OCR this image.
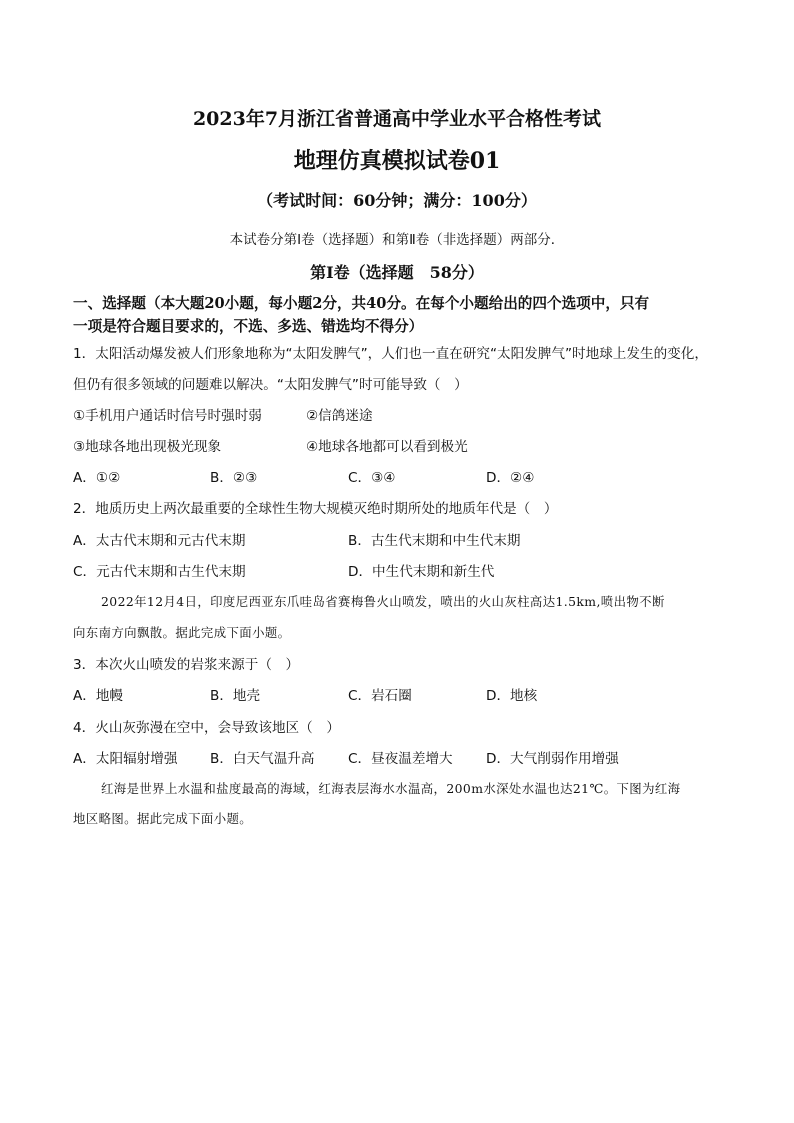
2023年7月浙江省普通高中学业水平合格性考试
地理仿真模拟试卷01
（考试时间：60分钟；满分：100分）
本试卷分第Ⅰ卷（选择题）和第Ⅱ卷（非选择题）两部分．
第Ⅰ卷（选择题　58分）
一、选择题（本大题20小题，每小题2分，共40分。在每个小题给出的四个选项中，只有
一项是符合题目要求的，不选、多选、错选均不得分）
1．太阳活动爆发被人们形象地称为“太阳发脾气”，人们也一直在研究“太阳发脾气”时地球上发生的变化，
但仍有很多领域的问题难以解决。“太阳发脾气”时可能导致（　）
①手机用户通话时信号时强时弱	②信鸽迷途
③地球各地出现极光现象	④地球各地都可以看到极光
A．①②	B．②③	C．③④	D．②④
2．地质历史上两次最重要的全球性生物大规模灭绝时期所处的地质年代是（　）
A．太古代末期和元古代末期	B．古生代末期和中生代末期
C．元古代末期和古生代末期	D．中生代末期和新生代
2022年12月4日，印度尼西亚东爪哇岛省赛梅鲁火山喷发，喷出的火山灰柱高达1.5km,喷出物不断
向东南方向飘散。据此完成下面小题。
3．本次火山喷发的岩浆来源于（　）
A．地幔	B．地壳	C．岩石圈	D．地核
4．火山灰弥漫在空中，会导致该地区（　）
A．太阳辐射增强 B．白天气温升高 C．昼夜温差增大 D．大气削弱作用增强
红海是世界上水温和盐度最高的海域，红海表层海水水温高，200m水深处水温也达21℃。下图为红海
地区略图。据此完成下面小题。
